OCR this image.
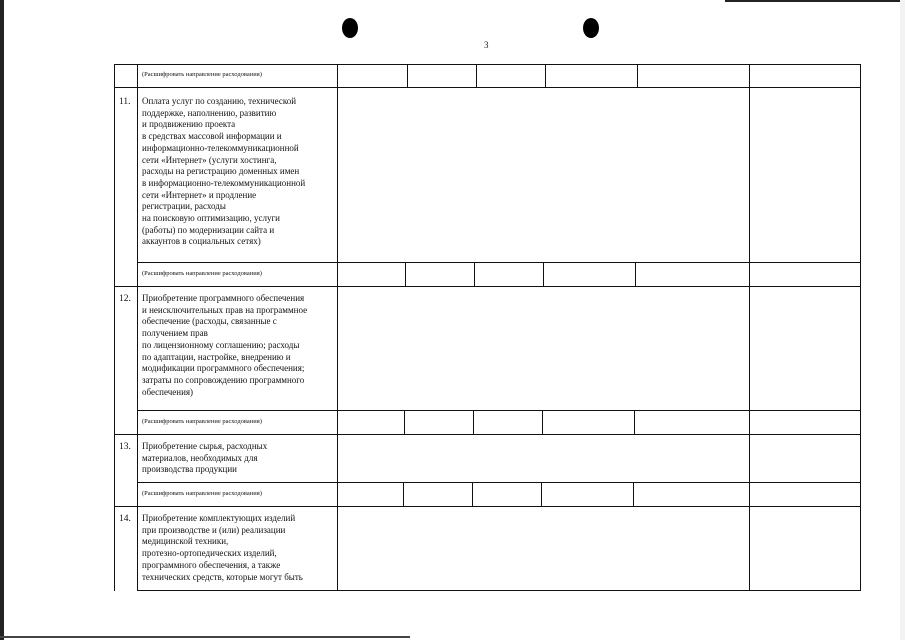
3
(Расшифровать направление расходования)
11. Оплата услуг по созданию, технической
поддержке, наполнению, развитию
и продвижению проекта
в средствах массовой информации и
информационно-телекоммуникационной
сети «Интернет» (услуги хостинга,
расходы на регистрацию доменных имен
в информационно-телекоммуникационной
сети «Интернет» и продление
регистрации, расходы
на поисковую оптимизацию, услуги
(работы) по модернизации сайта и
аккаунтов в социальных сетях)
(Расшифровать направление расходования)
12. Приобретение программного обеспечения
и неисключительных прав на программное
обеспечение (расходы, связанные с
получением прав
по лицензионному соглашению; расходы
по адаптации, настройке, внедрению и
модификации программного обеспечения;
затраты по сопровождению программного
обеспечения)
(Расшифровать направление расходования)
13. Приобретение сырья, расходных
материалов, необходимых для
производства продукции
(Расшифровать направление расходования)
14. Приобретение комплектующих изделий
при производстве и (или) реализации
медицинской техники,
протезно-ортопедических изделий,
программного обеспечения, а также
технических средств, которые могут быть
